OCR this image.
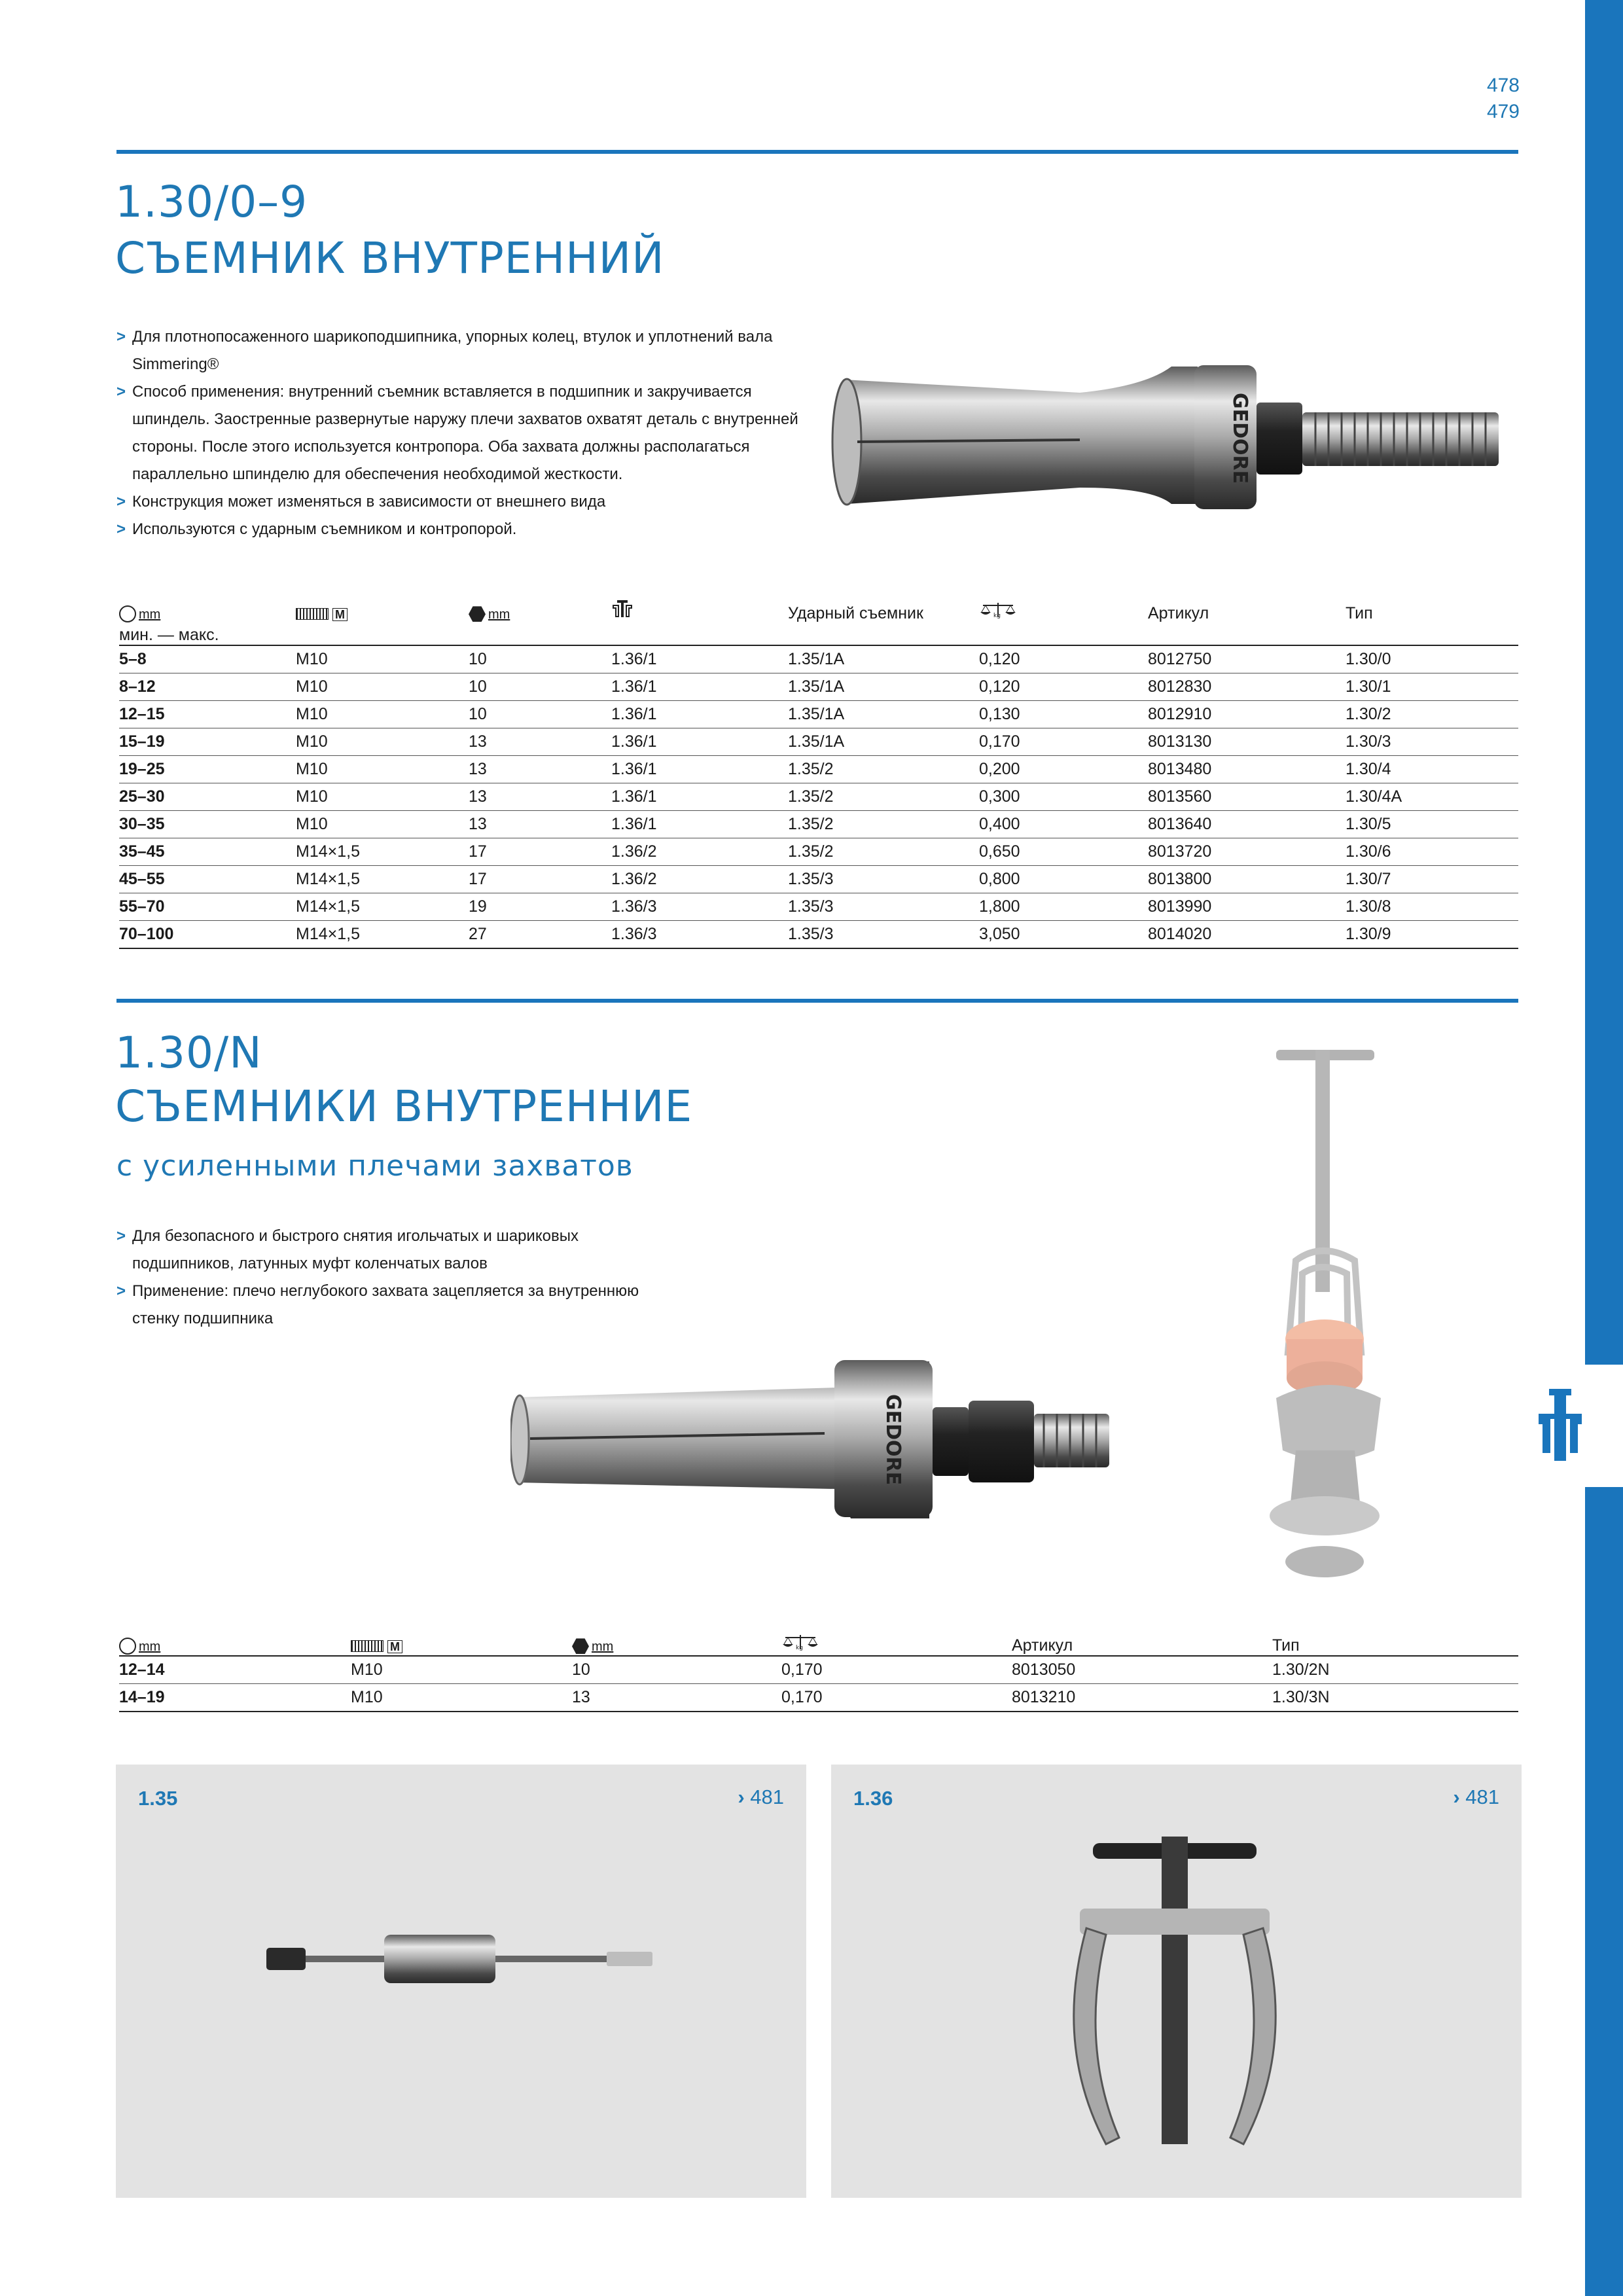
478
479
1.30/0–9
СЪЕМНИК ВНУТРЕННИЙ
> Для плотнопосаженного шарикоподшипника, упорных колец, втулок и уплотнений вала
Simmering®
> Способ применения: внутренний съемник вставляется в подшипник и закручивается
шпиндель. Заостренные развернутые наружу плечи захватов охватят деталь с внутренней
стороны. После этого используется контропора. Оба захвата должны располагаться
параллельно шпинделю для обеспечения необходимой жесткости.
> Конструкция может изменяться в зависимости от внешнего вида
> Используются с ударным съемником и контропорой.
GEDORE
mm	M	mm		Ударный съемник	kg	Артикул	Тип
мин. — макс.							
5–8	M10	10	1.36/1	1.35/1A	0,120	8012750	1.30/0
8–12	M10	10	1.36/1	1.35/1A	0,120	8012830	1.30/1
12–15	M10	10	1.36/1	1.35/1A	0,130	8012910	1.30/2
15–19	M10	13	1.36/1	1.35/1A	0,170	8013130	1.30/3
19–25	M10	13	1.36/1	1.35/2	0,200	8013480	1.30/4
25–30	M10	13	1.36/1	1.35/2	0,300	8013560	1.30/4A
30–35	M10	13	1.36/1	1.35/2	0,400	8013640	1.30/5
35–45	M14×1,5	17	1.36/2	1.35/2	0,650	8013720	1.30/6
45–55	M14×1,5	17	1.36/2	1.35/3	0,800	8013800	1.30/7
55–70	M14×1,5	19	1.36/3	1.35/3	1,800	8013990	1.30/8
70–100	M14×1,5	27	1.36/3	1.35/3	3,050	8014020	1.30/9
1.30/N
СЪЕМНИКИ ВНУТРЕННИЕ
с усиленными плечами захватов
> Для безопасного и быстрого снятия игольчатых и шариковых
подшипников, латунных муфт коленчатых валов
> Применение: плечо неглубокого захвата зацепляется за внутреннюю
стенку подшипника
GEDORE
mm	M	mm	kg	Артикул	Тип
12–14	M10	10	0,170	8013050	1.30/2N
14–19	M10	13	0,170	8013210	1.30/3N
1.35	› 481	1.36	› 481
